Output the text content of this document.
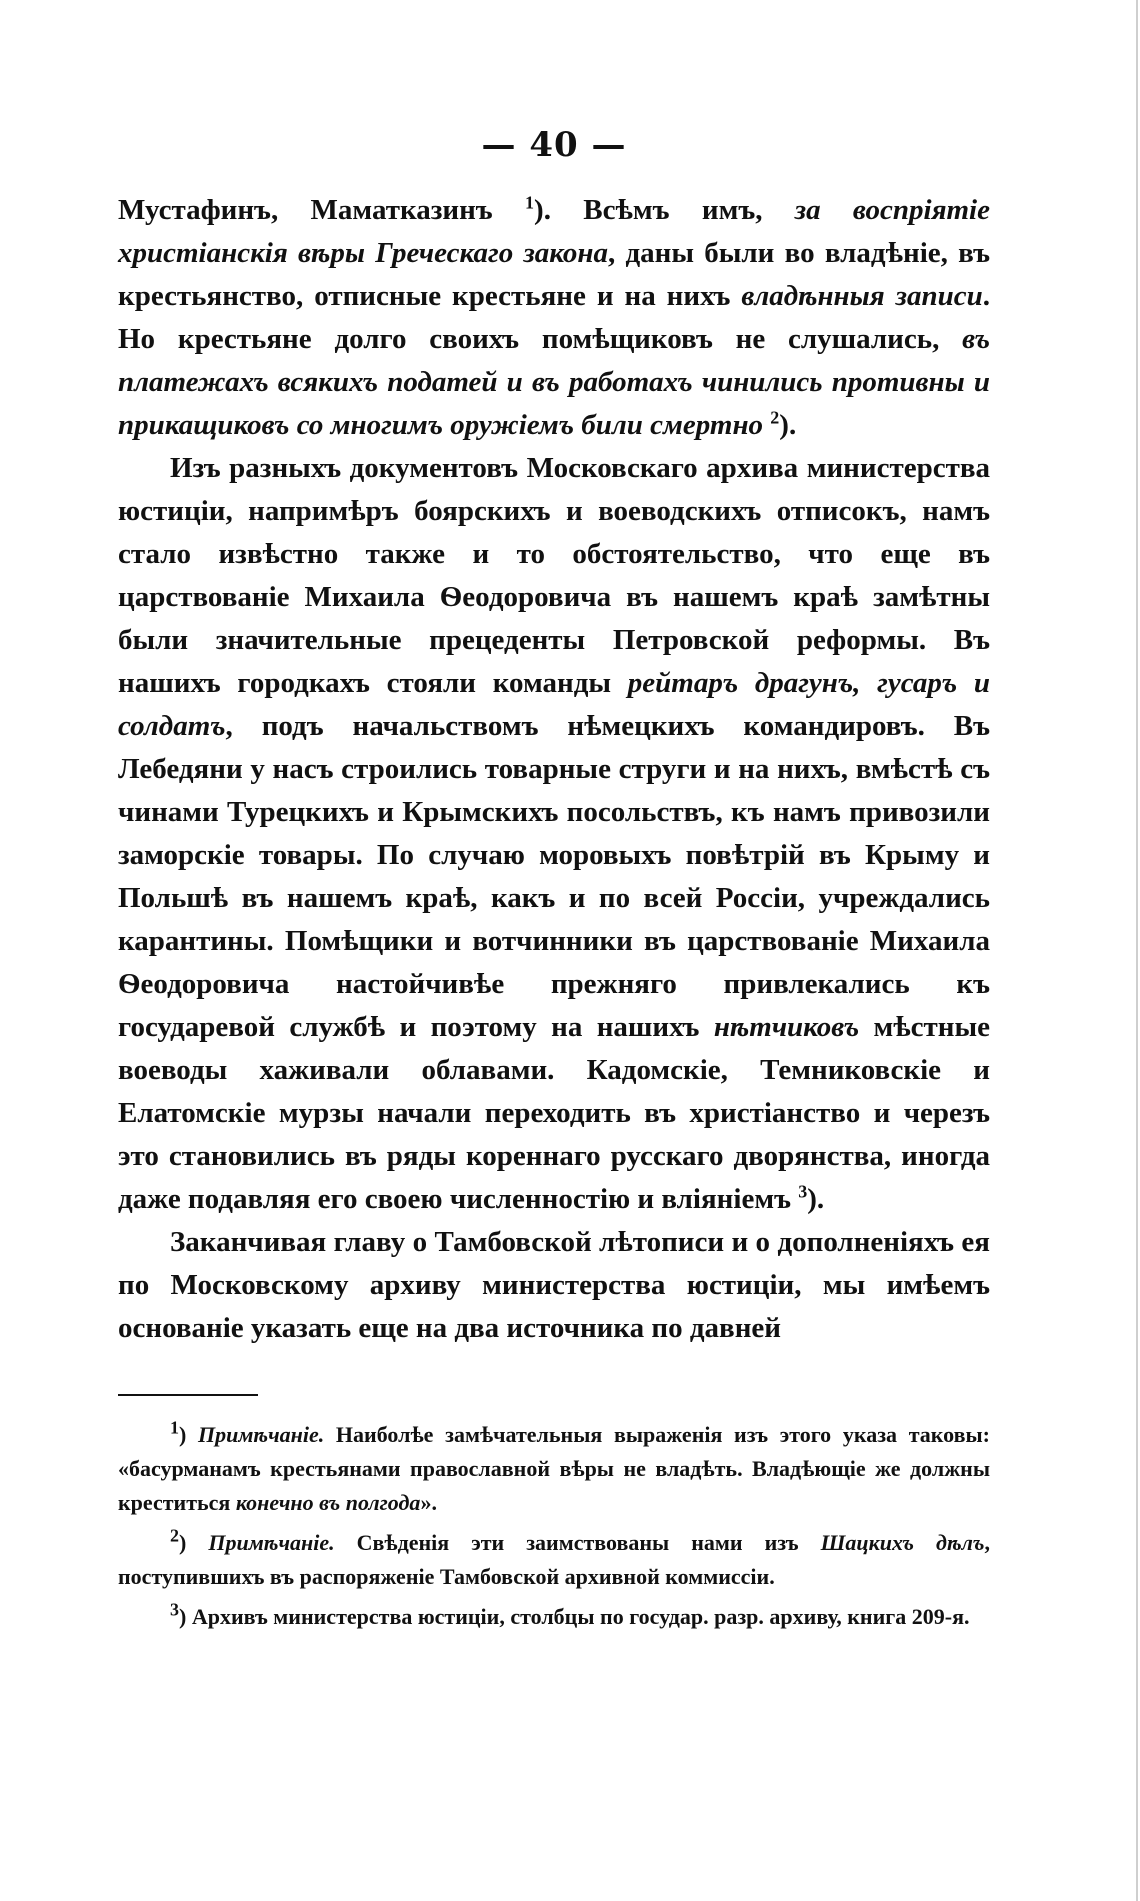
— 40 —

Мустафинъ, Маматказинъ $^1$). Всѣмъ имъ, за воспріятіе христіанскія вѣры Греческаго закона, даны были во владѣніе, въ крестьянство, отписные крестьяне и на нихъ владѣнныя записи. Но крестьяне долго своихъ помѣщиковъ не слушались, въ платежахъ всякихъ податей и въ работахъ чинились противны и прикащиковъ со многимъ оружіемъ били смертно $^2$).

Изъ разныхъ документовъ Московскаго архива министерства юстиціи, напримѣръ боярскихъ и воеводскихъ отписокъ, намъ стало извѣстно также и то обстоятельство, что еще въ царствованіе Михаила Ѳеодоровича въ нашемъ краѣ замѣтны были значительные прецеденты Петровской реформы. Въ нашихъ городкахъ стояли команды рейтаръ драгунъ, гусаръ и солдатъ, подъ начальствомъ нѣмецкихъ командировъ. Въ Лебедяни у насъ строились товарные струги и на нихъ, вмѣстѣ съ чинами Турецкихъ и Крымскихъ посольствъ, къ намъ привозили заморскіе товары. По случаю моровыхъ повѣтрій въ Крыму и Польшѣ въ нашемъ краѣ, какъ и по всей Россіи, учреждались карантины. Помѣщики и вотчинники въ царствованіе Михаила Ѳеодоровича настойчивѣе прежняго привлекались къ государевой службѣ и поэтому на нашихъ нѣтчиковъ мѣстные воеводы хаживали облавами. Кадомскіе, Темниковскіе и Елатомскіе мурзы начали переходить въ христіанство и черезъ это становились въ ряды кореннаго русскаго дворянства, иногда даже подавляя его своею численностію и вліяніемъ $^3$).

Заканчивая главу о Тамбовской лѣтописи и о дополненіяхъ ея по Московскому архиву министерства юстиціи, мы имѣемъ основаніе указать еще на два источника по давней

$^1$) Примѣчаніе. Наиболѣе замѣчательныя выраженія изъ этого указа таковы: «басурманамъ крестьянами православной вѣры не владѣть. Владѣющіе же должны креститься конечно въ полгода».

$^2$) Примѣчаніе. Свѣденія эти заимствованы нами изъ Шацкихъ дѣлъ, поступившихъ въ распоряженіе Тамбовской архивной коммиссіи.

$^3$) Архивъ министерства юстиціи, столбцы по государ. разр. архиву, книга 209-я.
